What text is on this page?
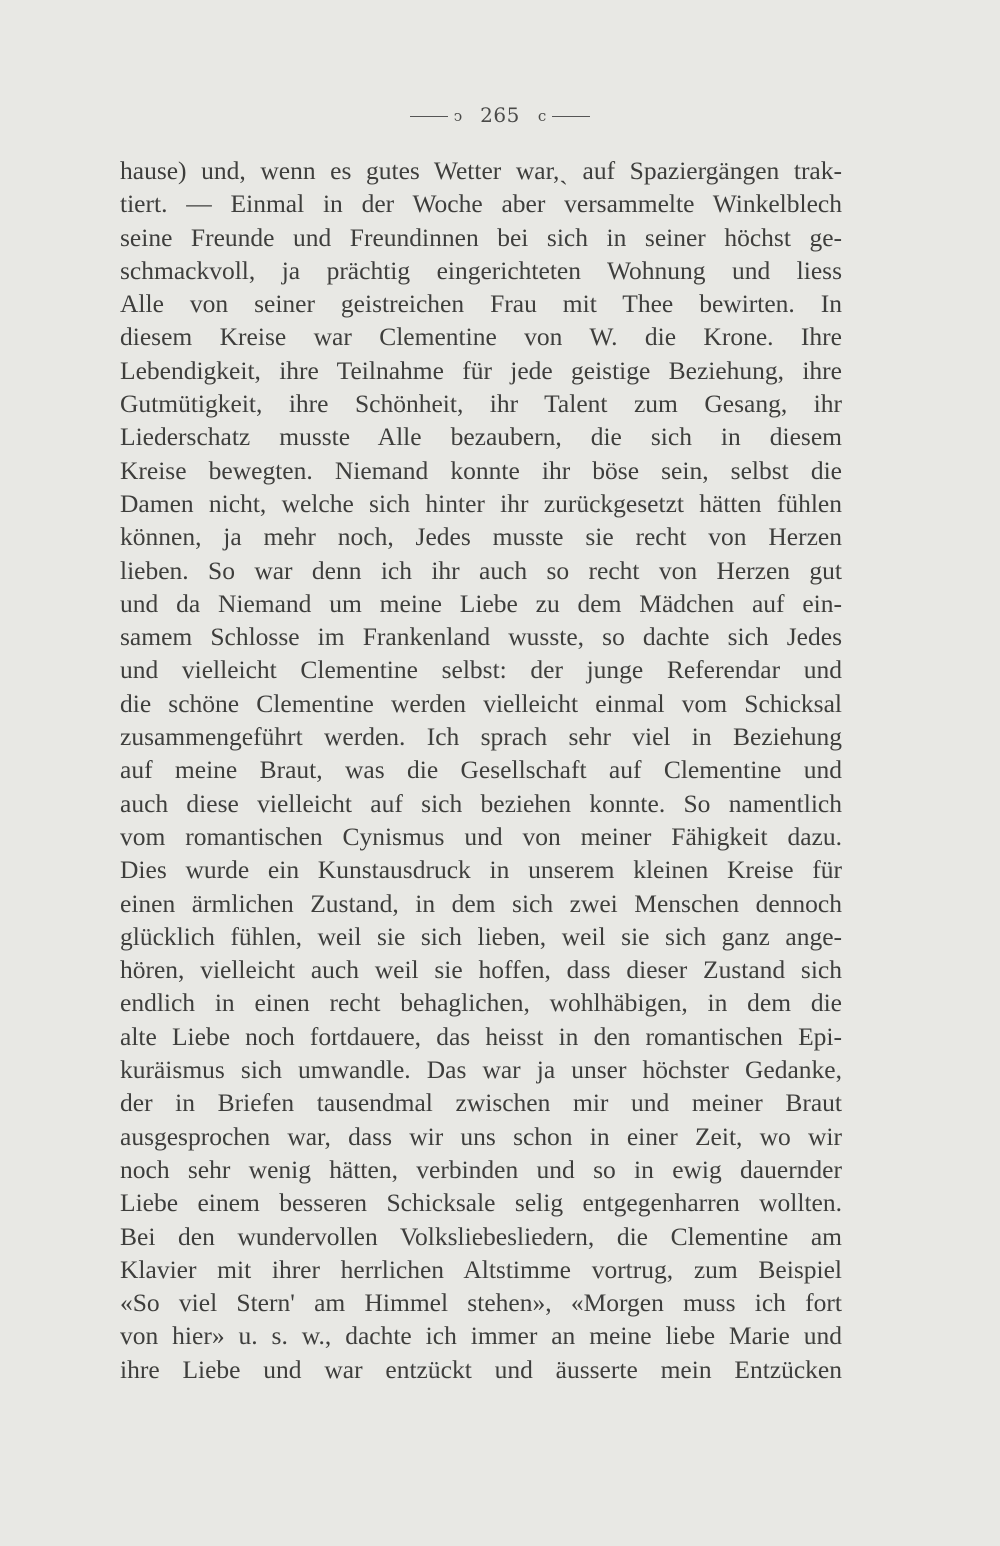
ↄ 265 c
hause) und, wenn es gutes Wetter war,ˎ auf Spaziergängen trak-
tiert. — Einmal in der Woche aber versammelte Winkelblech
seine Freunde und Freundinnen bei sich in seiner höchst ge-
schmackvoll, ja prächtig eingerichteten Wohnung und liess
Alle von seiner geistreichen Frau mit Thee bewirten. In
diesem Kreise war Clementine von W. die Krone. Ihre
Lebendigkeit, ihre Teilnahme für jede geistige Beziehung, ihre
Gutmütigkeit, ihre Schönheit, ihr Talent zum Gesang, ihr
Liederschatz musste Alle bezaubern, die sich in diesem
Kreise bewegten. Niemand konnte ihr böse sein, selbst die
Damen nicht, welche sich hinter ihr zurückgesetzt hätten fühlen
können, ja mehr noch, Jedes musste sie recht von Herzen
lieben. So war denn ich ihr auch so recht von Herzen gut
und da Niemand um meine Liebe zu dem Mädchen auf ein-
samem Schlosse im Frankenland wusste, so dachte sich Jedes
und vielleicht Clementine selbst: der junge Referendar und
die schöne Clementine werden vielleicht einmal vom Schicksal
zusammengeführt werden. Ich sprach sehr viel in Beziehung
auf meine Braut, was die Gesellschaft auf Clementine und
auch diese vielleicht auf sich beziehen konnte. So namentlich
vom romantischen Cynismus und von meiner Fähigkeit dazu.
Dies wurde ein Kunstausdruck in unserem kleinen Kreise für
einen ärmlichen Zustand, in dem sich zwei Menschen dennoch
glücklich fühlen, weil sie sich lieben, weil sie sich ganz ange-
hören, vielleicht auch weil sie hoffen, dass dieser Zustand sich
endlich in einen recht behaglichen, wohlhäbigen, in dem die
alte Liebe noch fortdauere, das heisst in den romantischen Epi-
kuräismus sich umwandle. Das war ja unser höchster Gedanke,
der in Briefen tausendmal zwischen mir und meiner Braut
ausgesprochen war, dass wir uns schon in einer Zeit, wo wir
noch sehr wenig hätten, verbinden und so in ewig dauernder
Liebe einem besseren Schicksale selig entgegenharren wollten.
Bei den wundervollen Volksliebesliedern, die Clementine am
Klavier mit ihrer herrlichen Altstimme vortrug, zum Beispiel
«So viel Stern' am Himmel stehen», «Morgen muss ich fort
von hier» u. s. w., dachte ich immer an meine liebe Marie und
ihre Liebe und war entzückt und äusserte mein Entzücken
